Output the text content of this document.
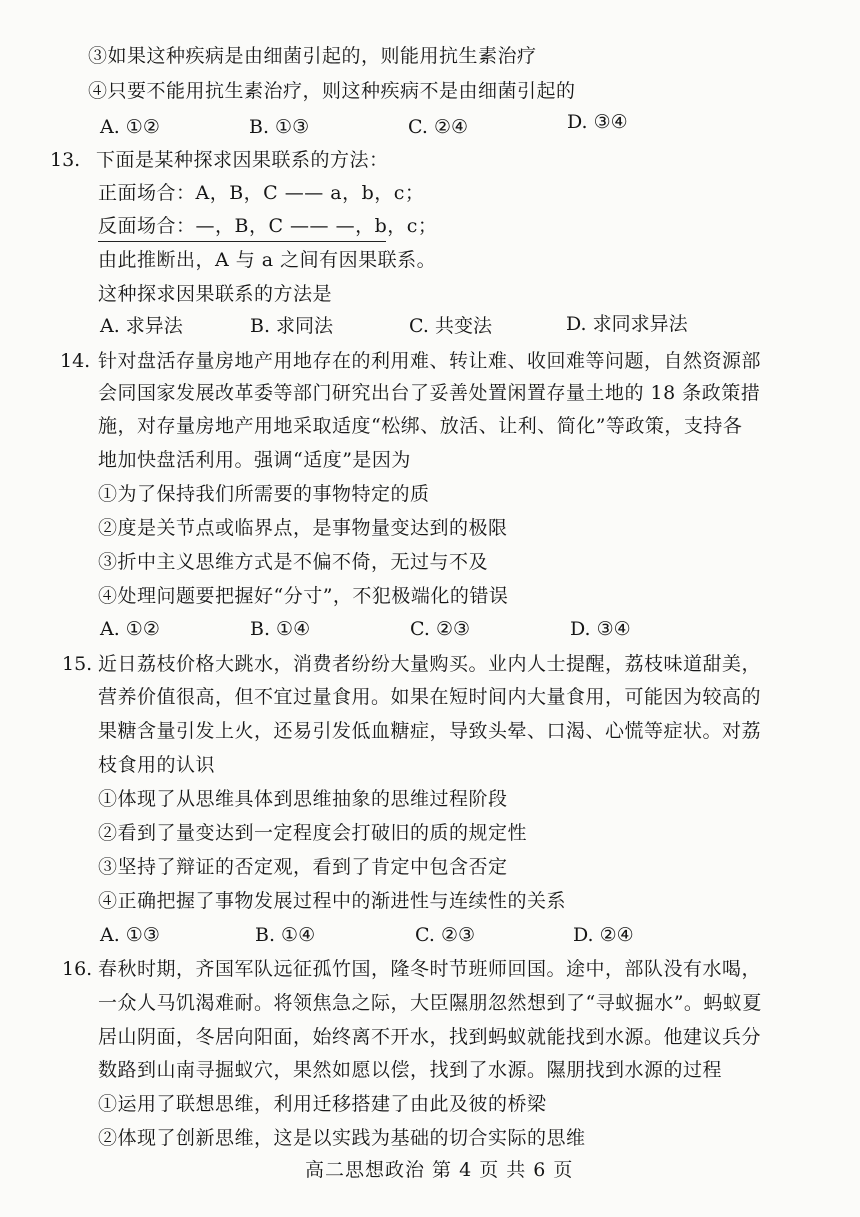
③如果这种疾病是由细菌引起的，则能用抗生素治疗
④只要不能用抗生素治疗，则这种疾病不是由细菌引起的
A. ①②	B. ①③	C. ②④	D. ③④
13. 下面是某种探求因果联系的方法：
正面场合：A，B，C —— a，b，c；
反面场合：—，B，C —— —，b，c；
由此推断出，A 与 a 之间有因果联系。
这种探求因果联系的方法是
A. 求异法	B. 求同法	C. 共变法	D. 求同求异法
14. 针对盘活存量房地产用地存在的利用难、转让难、收回难等问题，自然资源部
会同国家发展改革委等部门研究出台了妥善处置闲置存量土地的 18 条政策措
施，对存量房地产用地采取适度“松绑、放活、让利、简化”等政策，支持各
地加快盘活利用。强调“适度”是因为
①为了保持我们所需要的事物特定的质
②度是关节点或临界点，是事物量变达到的极限
③折中主义思维方式是不偏不倚，无过与不及
④处理问题要把握好“分寸”，不犯极端化的错误
A. ①②	B. ①④	C. ②③	D. ③④
15. 近日荔枝价格大跳水，消费者纷纷大量购买。业内人士提醒，荔枝味道甜美，
营养价值很高，但不宜过量食用。如果在短时间内大量食用，可能因为较高的
果糖含量引发上火，还易引发低血糖症，导致头晕、口渴、心慌等症状。对荔
枝食用的认识
①体现了从思维具体到思维抽象的思维过程阶段
②看到了量变达到一定程度会打破旧的质的规定性
③坚持了辩证的否定观，看到了肯定中包含否定
④正确把握了事物发展过程中的渐进性与连续性的关系
A. ①③	B. ①④	C. ②③	D. ②④
16. 春秋时期，齐国军队远征孤竹国，隆冬时节班师回国。途中，部队没有水喝，
一众人马饥渴难耐。将领焦急之际，大臣隰朋忽然想到了“寻蚁掘水”。蚂蚁夏
居山阴面，冬居向阳面，始终离不开水，找到蚂蚁就能找到水源。他建议兵分
数路到山南寻掘蚁穴，果然如愿以偿，找到了水源。隰朋找到水源的过程
①运用了联想思维，利用迁移搭建了由此及彼的桥梁
②体现了创新思维，这是以实践为基础的切合实际的思维
高二思想政治 第 4 页 共 6 页
